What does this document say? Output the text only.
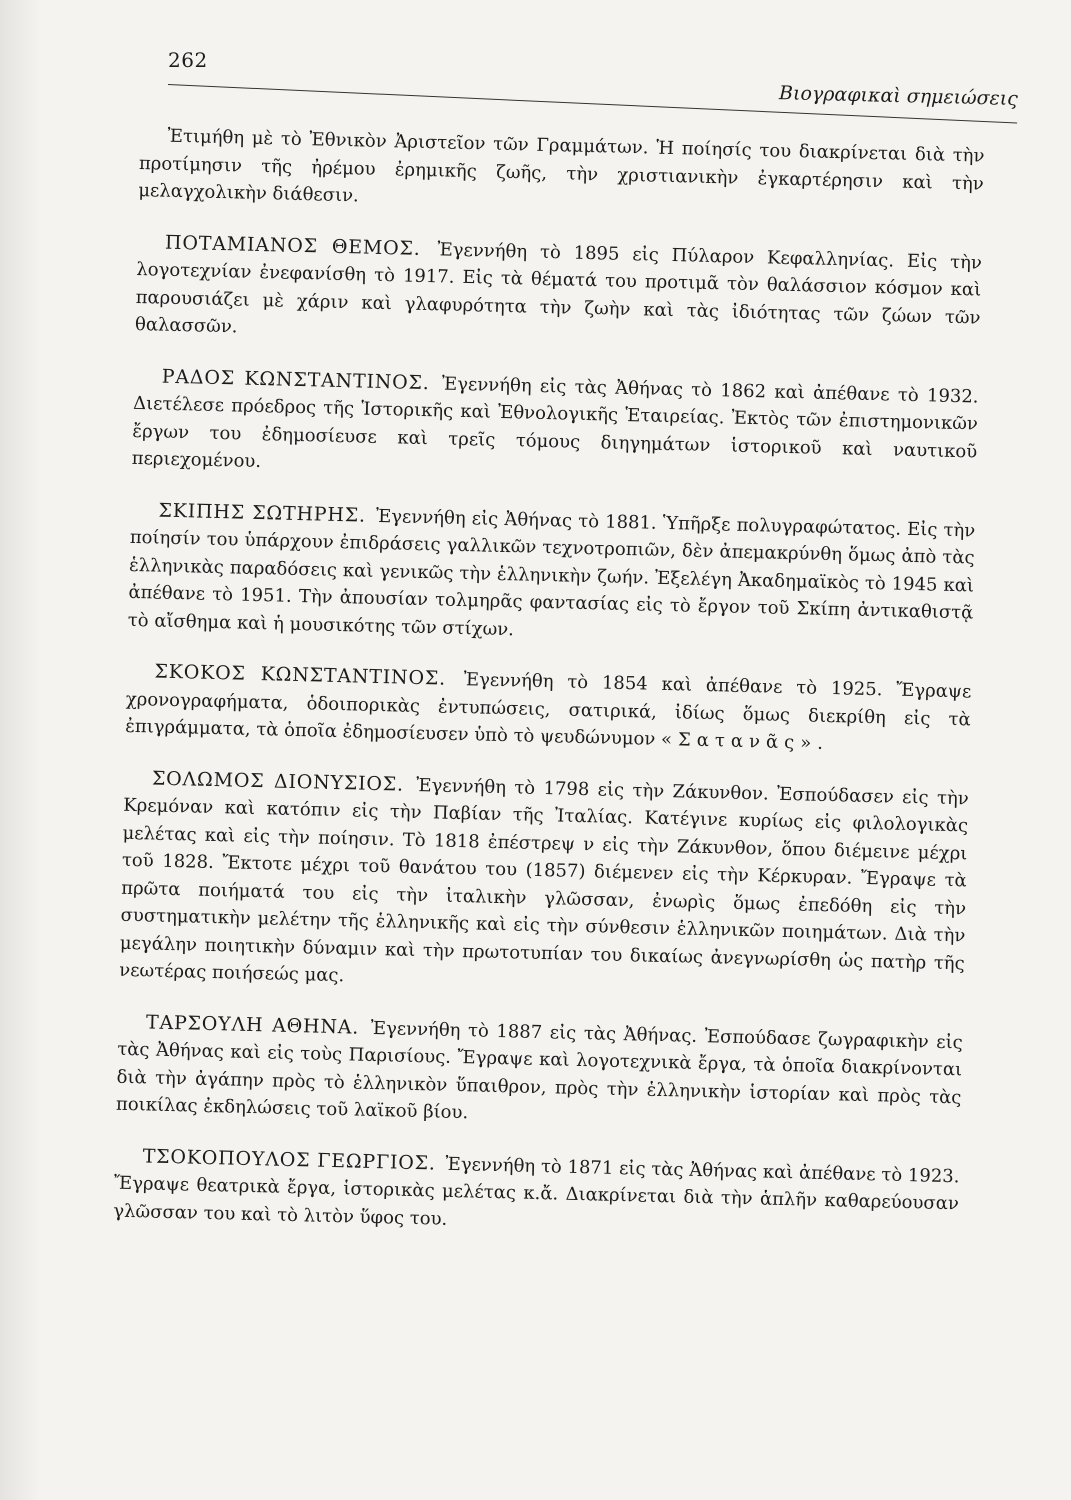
262
Βιογραφικαὶ σημειώσεις

Ἐτιμήθη μὲ τὸ Ἐθνικὸν Ἀριστεῖον τῶν Γραμμάτων. Ἡ ποίησίς του διακρίνεται διὰ τὴν προτίμησιν τῆς ἠρέμου ἐρημικῆς ζωῆς, τὴν χριστιανικὴν ἐγκαρτέρησιν καὶ τὴν μελαγχολικὴν διάθεσιν.

ΠΟΤΑΜΙΑΝΟΣ ΘΕΜΟΣ. Ἐγεννήθη τὸ 1895 εἰς Πύλαρον Κεφαλληνίας. Εἰς τὴν λογοτεχνίαν ἐνεφανίσθη τὸ 1917. Εἰς τὰ θέματά του προτιμᾶ τὸν θαλάσσιον κόσμον καὶ παρουσιάζει μὲ χάριν καὶ γλαφυρότητα τὴν ζωὴν καὶ τὰς ἰδιότητας τῶν ζώων τῶν θαλασσῶν.

ΡΑΔΟΣ ΚΩΝΣΤΑΝΤΙΝΟΣ. Ἐγεννήθη εἰς τὰς Ἀθήνας τὸ 1862 καὶ ἀπέθανε τὸ 1932. Διετέλεσε πρόεδρος τῆς Ἱστορικῆς καὶ Ἐθνολογικῆς Ἑταιρείας. Ἐκτὸς τῶν ἐπιστημονικῶν ἔργων του ἐδημοσίευσε καὶ τρεῖς τόμους διηγημάτων ἱστορικοῦ καὶ ναυτικοῦ περιεχομένου.

ΣΚΙΠΗΣ ΣΩΤΗΡΗΣ. Ἐγεννήθη εἰς Ἀθήνας τὸ 1881. Ὑπῆρξε πολυγραφώτατος. Εἰς τὴν ποίησίν του ὑπάρχουν ἐπιδράσεις γαλλικῶν τεχνοτροπιῶν, δὲν ἀπεμακρύνθη ὅμως ἀπὸ τὰς ἑλληνικὰς παραδόσεις καὶ γενικῶς τὴν ἑλληνικὴν ζωήν. Ἐξελέγη Ἀκαδημαϊκὸς τὸ 1945 καὶ ἀπέθανε τὸ 1951. Τὴν ἀπουσίαν τολμηρᾶς φαντασίας εἰς τὸ ἔργον τοῦ Σκίπη ἀντικαθιστᾷ τὸ αἴσθημα καὶ ἡ μουσικότης τῶν στίχων.

ΣΚΟΚΟΣ ΚΩΝΣΤΑΝΤΙΝΟΣ. Ἐγεννήθη τὸ 1854 καὶ ἀπέθανε τὸ 1925. Ἔγραψε χρονογραφήματα, ὁδοιπορικὰς ἐντυπώσεις, σατιρικά, ἰδίως ὅμως διεκρίθη εἰς τὰ ἐπιγράμματα, τὰ ὁποῖα ἐδημοσίευσεν ὑπὸ τὸ ψευδώνυμον «Σατανᾶς».

ΣΟΛΩΜΟΣ ΔΙΟΝΥΣΙΟΣ. Ἐγεννήθη τὸ 1798 εἰς τὴν Ζάκυνθον. Ἐσπούδασεν εἰς τὴν Κρεμόναν καὶ κατόπιν εἰς τὴν Παβίαν τῆς Ἰταλίας. Κατέγινε κυρίως εἰς φιλολογικὰς μελέτας καὶ εἰς τὴν ποίησιν. Τὸ 1818 ἐπέστρεψ ν εἰς τὴν Ζάκυνθον, ὅπου διέμεινε μέχρι τοῦ 1828. Ἔκτοτε μέχρι τοῦ θανάτου του (1857) διέμενεν εἰς τὴν Κέρκυραν. Ἔγραψε τὰ πρῶτα ποιήματά του εἰς τὴν ἰταλικὴν γλῶσσαν, ἐνωρὶς ὅμως ἐπεδόθη εἰς τὴν συστηματικὴν μελέτην τῆς ἑλληνικῆς καὶ εἰς τὴν σύνθεσιν ἑλληνικῶν ποιημάτων. Διὰ τὴν μεγάλην ποιητικὴν δύναμιν καὶ τὴν πρωτοτυπίαν του δικαίως ἀνεγνωρίσθη ὡς πατὴρ τῆς νεωτέρας ποιήσεώς μας.

ΤΑΡΣΟΥΛΗ ΑΘΗΝΑ. Ἐγεννήθη τὸ 1887 εἰς τὰς Ἀθήνας. Ἐσπούδασε ζωγραφικὴν εἰς τὰς Ἀθήνας καὶ εἰς τοὺς Παρισίους. Ἔγραψε καὶ λογοτεχνικὰ ἔργα, τὰ ὁποῖα διακρίνονται διὰ τὴν ἀγάπην πρὸς τὸ ἑλληνικὸν ὕπαιθρον, πρὸς τὴν ἑλληνικὴν ἱστορίαν καὶ πρὸς τὰς ποικίλας ἐκδηλώσεις τοῦ λαϊκοῦ βίου.

ΤΣΟΚΟΠΟΥΛΟΣ ΓΕΩΡΓΙΟΣ. Ἐγεννήθη τὸ 1871 εἰς τὰς Ἀθήνας καὶ ἀπέθανε τὸ 1923. Ἔγραψε θεατρικὰ ἔργα, ἱστορικὰς μελέτας κ.ἄ. Διακρίνεται διὰ τὴν ἁπλῆν καθαρεύουσαν γλῶσσαν του καὶ τὸ λιτὸν ὕφος του.
